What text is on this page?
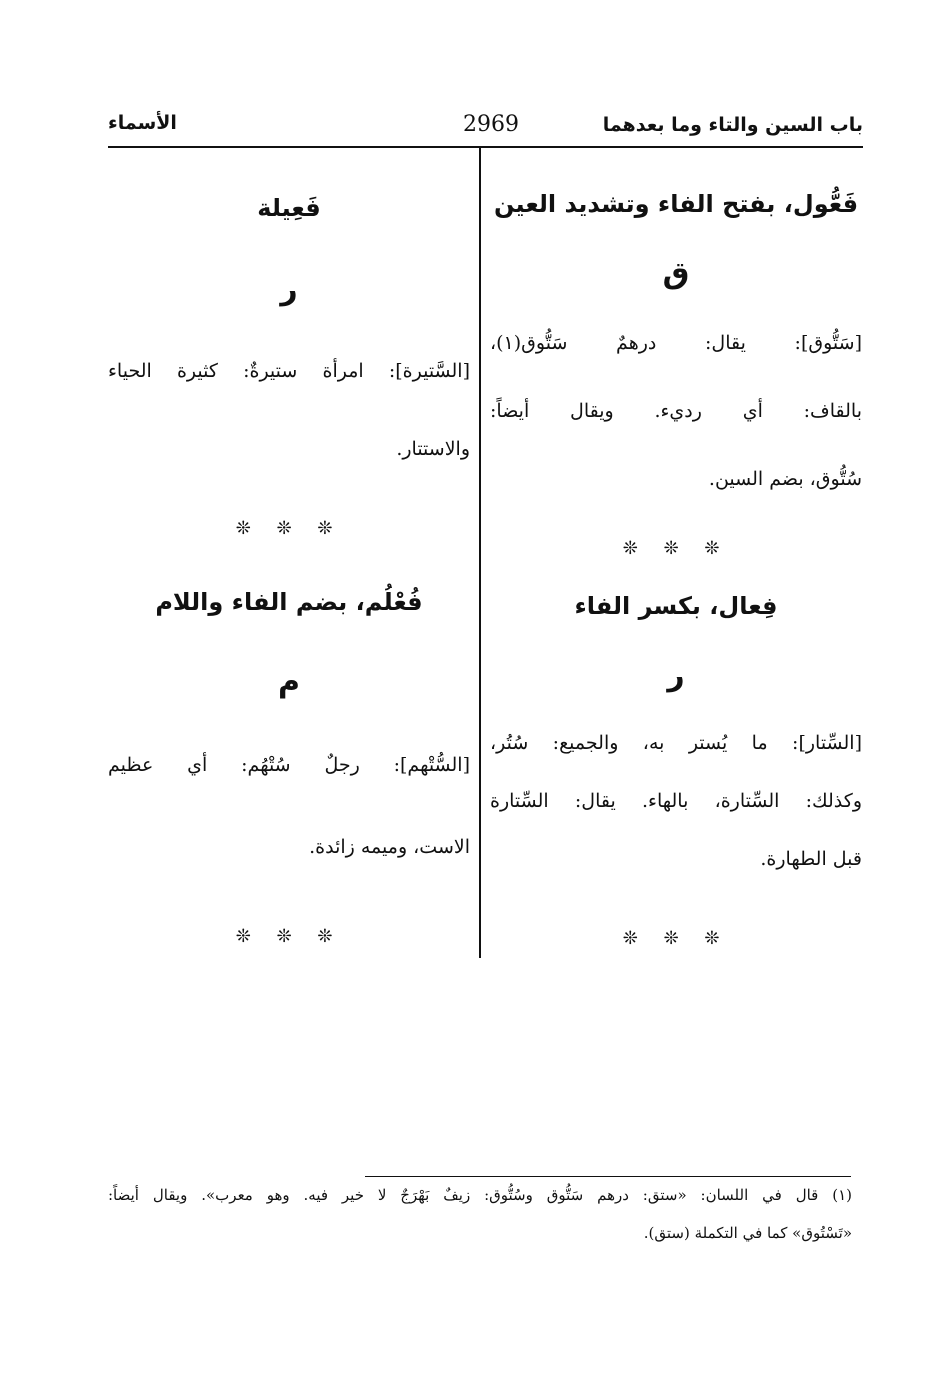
باب السين والتاء وما بعدهما
2969
الأسماء
فَعُّول، بفتح الفاء وتشديد العين
ق
[سَتُّوق]: يقال: درهمٌ سَتُّوق(١)،
بالقاف: أي رديء. ويقال أيضاً:
سُتُّوق، بضم السين.
❊ ❊ ❊
فِعال، بكسر الفاء
ر
[السِّتار]: ما يُستر به، والجميع: سُتُر،
وكذلك: السِّتارة، بالهاء. يقال: السِّتارة
قبل الطهارة.
❊ ❊ ❊
فَعِيلة
ر
[السَّتيرة]: امرأة ستيرةٌ: كثيرة الحياء
والاستتار.
❊ ❊ ❊
فُعْلُم، بضم الفاء واللام
م
[السُّتْهم]: رجلٌ سُتْهُم: أي عظيم
الاست، وميمه زائدة.
❊ ❊ ❊
(١) قال في اللسان: «ستق: درهم سَتُّوق وسُتُّوق: زيفٌ بَهْرَجٌ لا خير فيه. وهو معرب». ويقال أيضاً:
«تَسْتُوق» كما في التكملة (ستق).
